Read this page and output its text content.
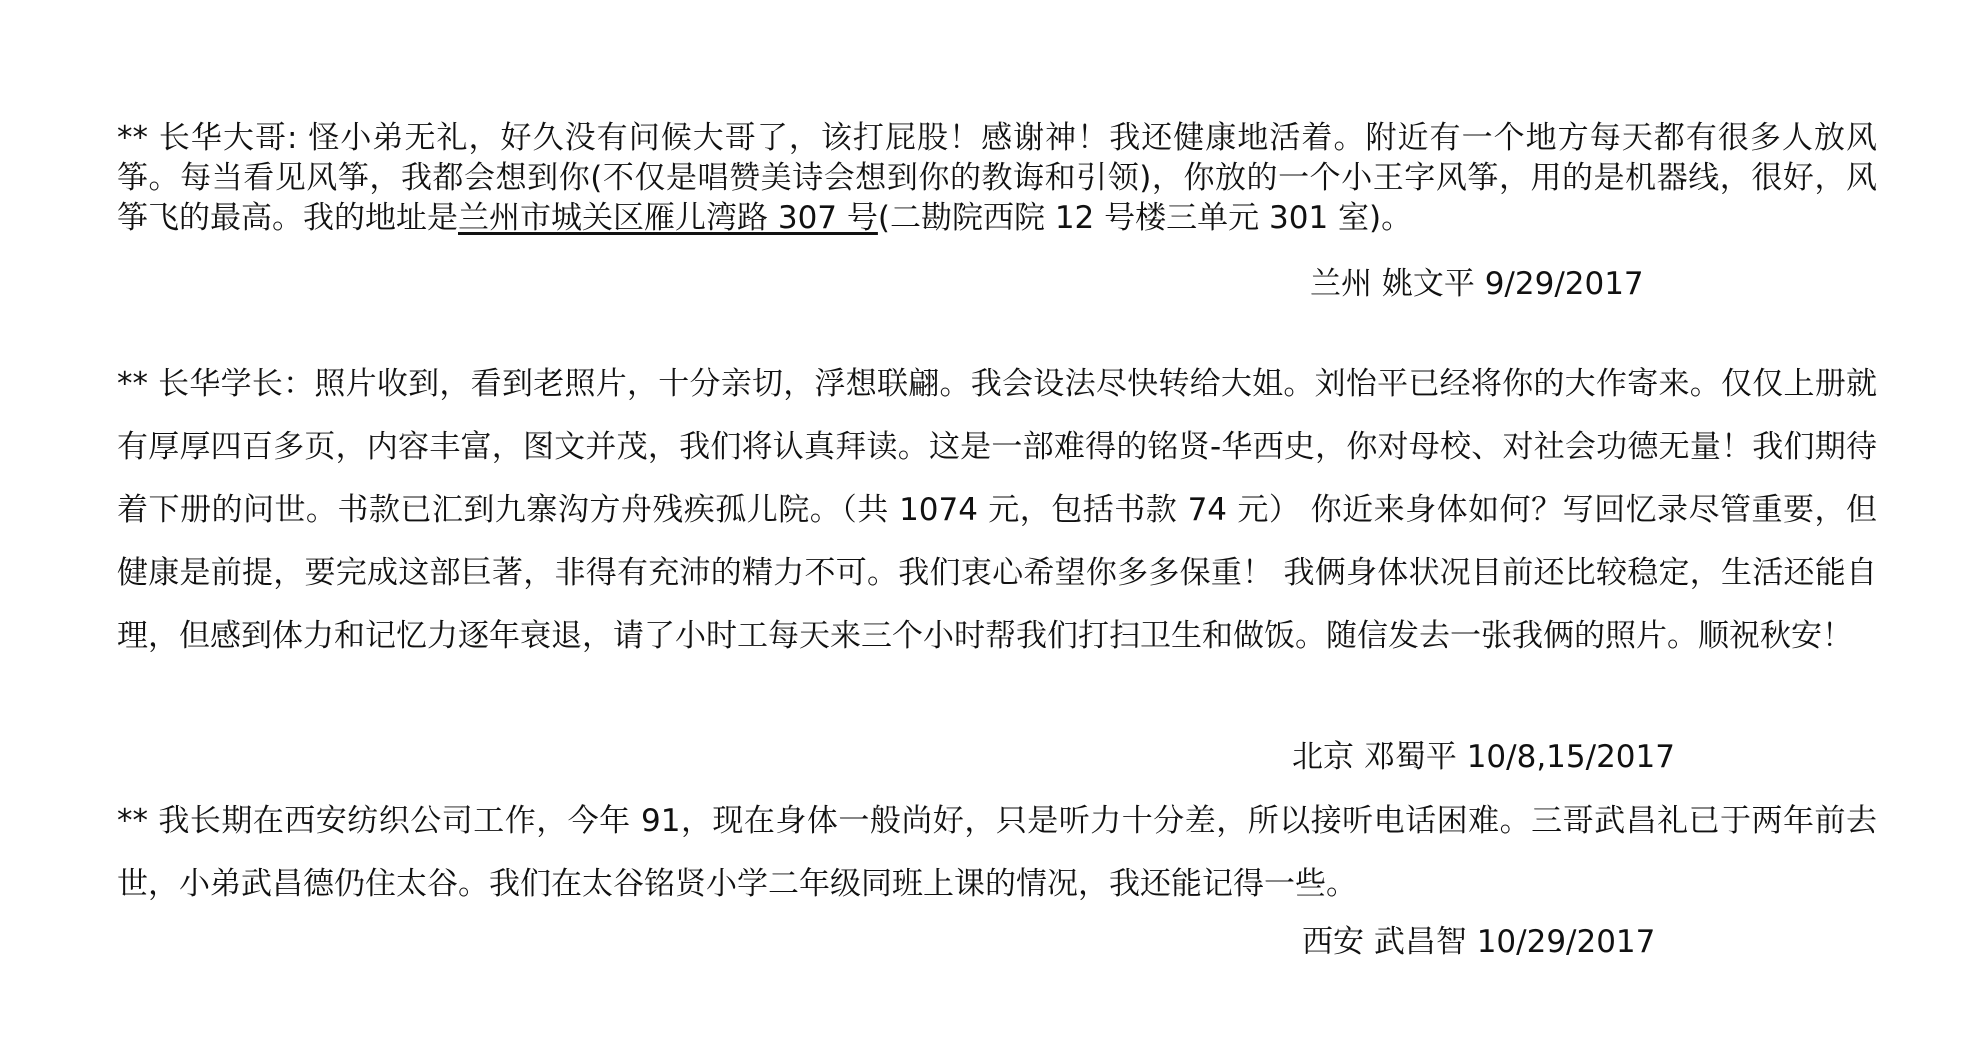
** 长华大哥: 怪小弟无礼，好久没有问候大哥了，该打屁股！感谢神！我还健康地活着。附近有一个地方每天都有很多人放风筝。每当看见风筝，我都会想到你(不仅是唱赞美诗会想到你的教诲和引领)，你放的一个小王字风筝，用的是机器线，很好，风筝飞的最高。我的地址是兰州市城关区雁儿湾路 307 号(二勘院西院 12 号楼三单元 301 室)。

兰州 姚文平 9/29/2017

** 长华学长：照片收到，看到老照片，十分亲切，浮想联翩。我会设法尽快转给大姐。刘怡平已经将你的大作寄来。仅仅上册就有厚厚四百多页，内容丰富，图文并茂，我们将认真拜读。这是一部难得的铭贤-华西史，你对母校、对社会功德无量！我们期待着下册的问世。书款已汇到九寨沟方舟残疾孤儿院。（共 1074 元，包括书款 74 元） 你近来身体如何？写回忆录尽管重要，但健康是前提，要完成这部巨著，非得有充沛的精力不可。我们衷心希望你多多保重！ 我俩身体状况目前还比较稳定，生活还能自理，但感到体力和记忆力逐年衰退，请了小时工每天来三个小时帮我们打扫卫生和做饭。随信发去一张我俩的照片。顺祝秋安！

北京 邓蜀平 10/8,15/2017

** 我长期在西安纺织公司工作，今年 91，现在身体一般尚好，只是听力十分差，所以接听电话困难。三哥武昌礼已于两年前去世，小弟武昌德仍住太谷。我们在太谷铭贤小学二年级同班上课的情况，我还能记得一些。

西安 武昌智 10/29/2017
